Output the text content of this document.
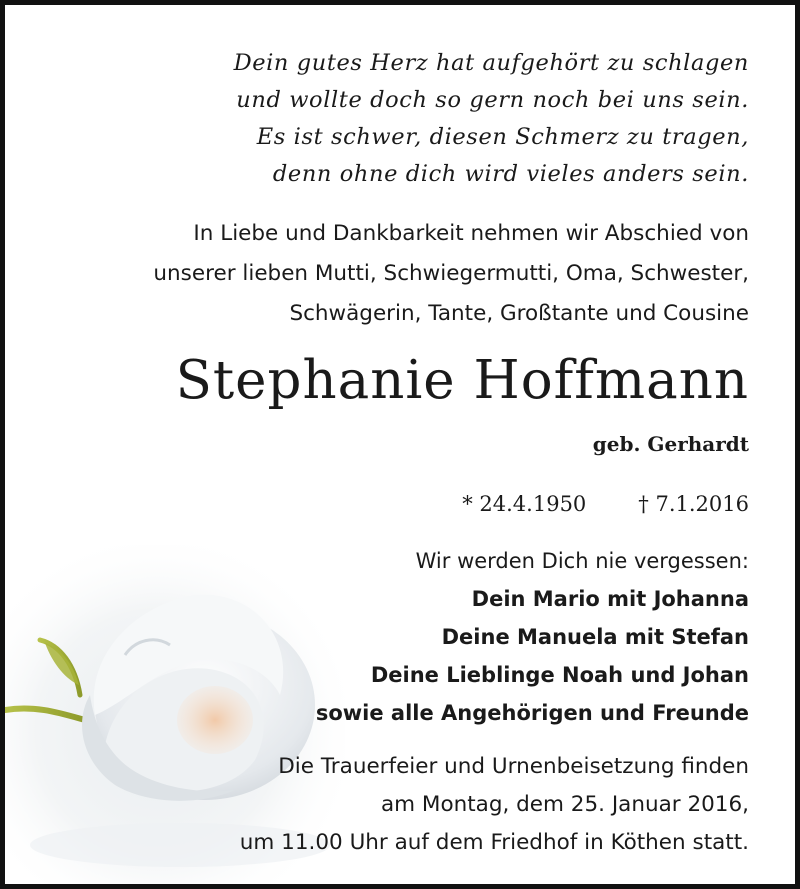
Dein gutes Herz hat aufgehört zu schlagen
und wollte doch so gern noch bei uns sein.
Es ist schwer, diesen Schmerz zu tragen,
denn ohne dich wird vieles anders sein.
In Liebe und Dankbarkeit nehmen wir Abschied von
unserer lieben Mutti, Schwiegermutti, Oma, Schwester,
Schwägerin, Tante, Großtante und Cousine
Stephanie Hoffmann
geb. Gerhardt
* 24.4.1950 † 7.1.2016
Wir werden Dich nie vergessen:
Dein Mario mit Johanna
Deine Manuela mit Stefan
Deine Lieblinge Noah und Johan
sowie alle Angehörigen und Freunde
Die Trauerfeier und Urnenbeisetzung finden
am Montag, dem 25. Januar 2016,
um 11.00 Uhr auf dem Friedhof in Köthen statt.
